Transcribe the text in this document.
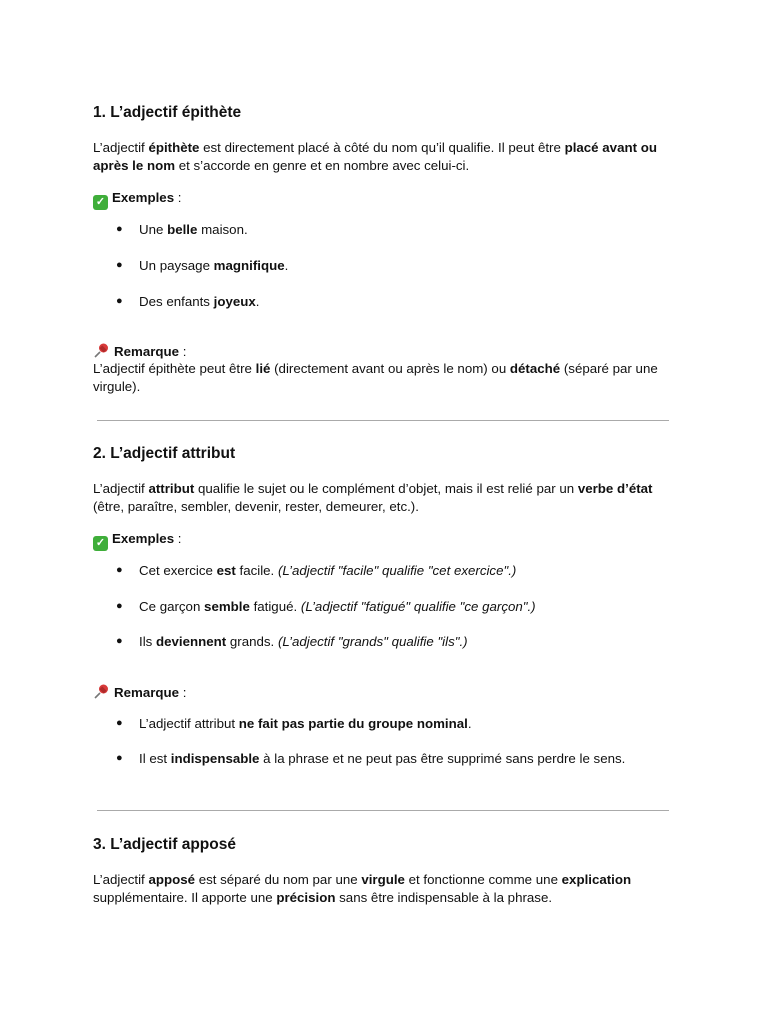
1. L’adjectif épithète

L’adjectif épithète est directement placé à côté du nom qu’il qualifie. Il peut être placé avant ou après le nom et s’accorde en genre et en nombre avec celui-ci.

✓ Exemples :
● Une belle maison.
● Un paysage magnifique.
● Des enfants joyeux.
Remarque :

L’adjectif épithète peut être lié (directement avant ou après le nom) ou détaché (séparé par une virgule).

2. L’adjectif attribut

L’adjectif attribut qualifie le sujet ou le complément d’objet, mais il est relié par un verbe d’état (être, paraître, sembler, devenir, rester, demeurer, etc.).

✓ Exemples :
● Cet exercice est facile. (L’adjectif "facile" qualifie "cet exercice".)
● Ce garçon semble fatigué. (L’adjectif "fatigué" qualifie "ce garçon".)
● Ils deviennent grands. (L’adjectif "grands" qualifie "ils".)
Remarque :
● L’adjectif attribut ne fait pas partie du groupe nominal.
● Il est indispensable à la phrase et ne peut pas être supprimé sans perdre le sens.
3. L’adjectif apposé

L’adjectif apposé est séparé du nom par une virgule et fonctionne comme une explication supplémentaire. Il apporte une précision sans être indispensable à la phrase.
